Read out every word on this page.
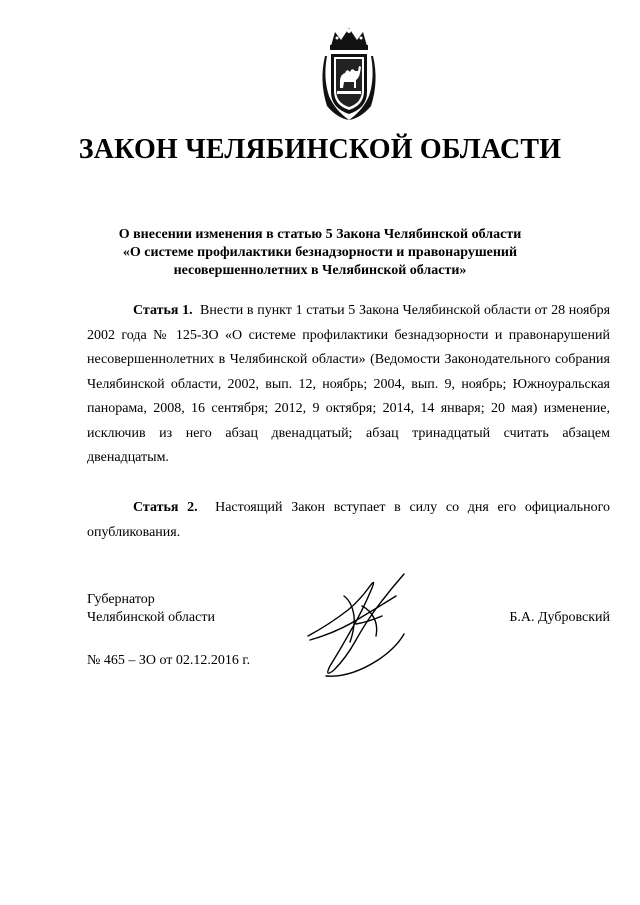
ЗАКОН ЧЕЛЯБИНСКОЙ ОБЛАСТИ
О внесении изменения в статью 5 Закона Челябинской области
«О системе профилактики безнадзорности и правонарушений
несовершеннолетних в Челябинской области»
Статья 1. Внести в пункт 1 статьи 5 Закона Челябинской области от 28 ноября 2002 года № 125-ЗО «О системе профилактики безнадзорности и правонарушений несовершеннолетних в Челябинской области» (Ведомости Законодательного собрания Челябинской области, 2002, вып. 12, ноябрь; 2004, вып. 9, ноябрь; Южноуральская панорама, 2008, 16 сентября; 2012, 9 октября; 2014, 14 января; 20 мая) изменение, исключив из него абзац двенадцатый; абзац тринадцатый считать абзацем двенадцатым.
Статья 2. Настоящий Закон вступает в силу со дня его официального опубликования.
Губернатор
Челябинской области	Б.А. Дубровский
№ 465 – ЗО от 02.12.2016 г.
